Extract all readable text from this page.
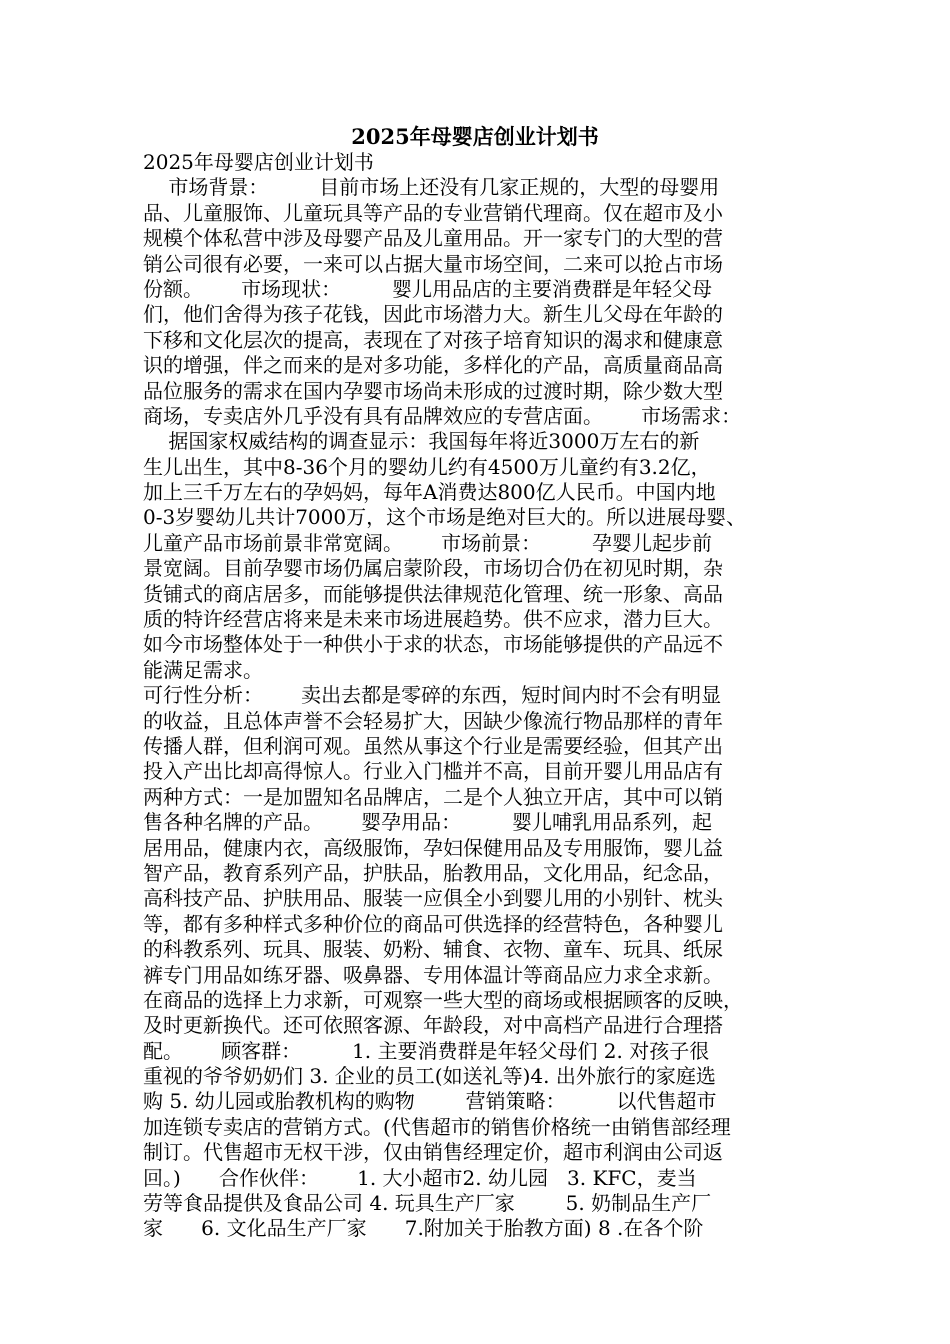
2025年母婴店创业计划书
2025年母婴店创业计划书
市场背景：        目前市场上还没有几家正规的，大型的母婴用
品、儿童服饰、儿童玩具等产品的专业营销代理商。仅在超市及小
规模个体私营中涉及母婴产品及儿童用品。开一家专门的大型的营
销公司很有必要，一来可以占据大量市场空间，二来可以抢占市场
份额。      市场现状：        婴儿用品店的主要消费群是年轻父母
们，他们舍得为孩子花钱，因此市场潜力大。新生儿父母在年龄的
下移和文化层次的提高，表现在了对孩子培育知识的渴求和健康意
识的增强，伴之而来的是对多功能，多样化的产品，高质量商品高
品位服务的需求在国内孕婴市场尚未形成的过渡时期，除少数大型
商场，专卖店外几乎没有具有品牌效应的专营店面。      市场需求：
据国家权威结构的调查显示：我国每年将近3000万左右的新
生儿出生，其中8-36个月的婴幼儿约有4500万儿童约有3.2亿，
加上三千万左右的孕妈妈，每年A消费达800亿人民币。中国内地
0-3岁婴幼儿共计7000万，这个市场是绝对巨大的。所以进展母婴、
儿童产品市场前景非常宽阔。      市场前景：        孕婴儿起步前
景宽阔。目前孕婴市场仍属启蒙阶段，市场切合仍在初见时期，杂
货铺式的商店居多，而能够提供法律规范化管理、统一形象、高品
质的特许经营店将来是未来市场进展趋势。供不应求，潜力巨大。
如今市场整体处于一种供小于求的状态，市场能够提供的产品远不
能满足需求。
可行性分析：      卖出去都是零碎的东西，短时间内时不会有明显
的收益，且总体声誉不会轻易扩大，因缺少像流行物品那样的青年
传播人群，但利润可观。虽然从事这个行业是需要经验，但其产出
投入产出比却高得惊人。行业入门槛并不高，目前开婴儿用品店有
两种方式：一是加盟知名品牌店，二是个人独立开店，其中可以销
售各种名牌的产品。      婴孕用品：        婴儿哺乳用品系列，起
居用品，健康内衣，高级服饰，孕妇保健用品及专用服饰，婴儿益
智产品，教育系列产品，护肤品，胎教用品，文化用品，纪念品，
高科技产品、护肤用品、服装一应俱全小到婴儿用的小别针、枕头
等，都有多种样式多种价位的商品可供选择的经营特色，各种婴儿
的科教系列、玩具、服装、奶粉、辅食、衣物、童车、玩具、纸尿
裤专门用品如练牙器、吸鼻器、专用体温计等商品应力求全求新。
在商品的选择上力求新，可观察一些大型的商场或根据顾客的反映，
及时更新换代。还可依照客源、年龄段，对中高档产品进行合理搭
配。      顾客群：        1. 主要消费群是年轻父母们 2. 对孩子很
重视的爷爷奶奶们 3. 企业的员工(如送礼等)4. 出外旅行的家庭选
购 5. 幼儿园或胎教机构的购物        营销策略：        以代售超市
加连锁专卖店的营销方式。(代售超市的销售价格统一由销售部经理
制订。代售超市无权干涉，仅由销售经理定价，超市利润由公司返
回。)      合作伙伴：      1. 大小超市2. 幼儿园   3. KFC，麦当
劳等食品提供及食品公司 4. 玩具生产厂家        5. 奶制品生产厂
家      6. 文化品生产厂家      7.附加关于胎教方面) 8 .在各个阶
